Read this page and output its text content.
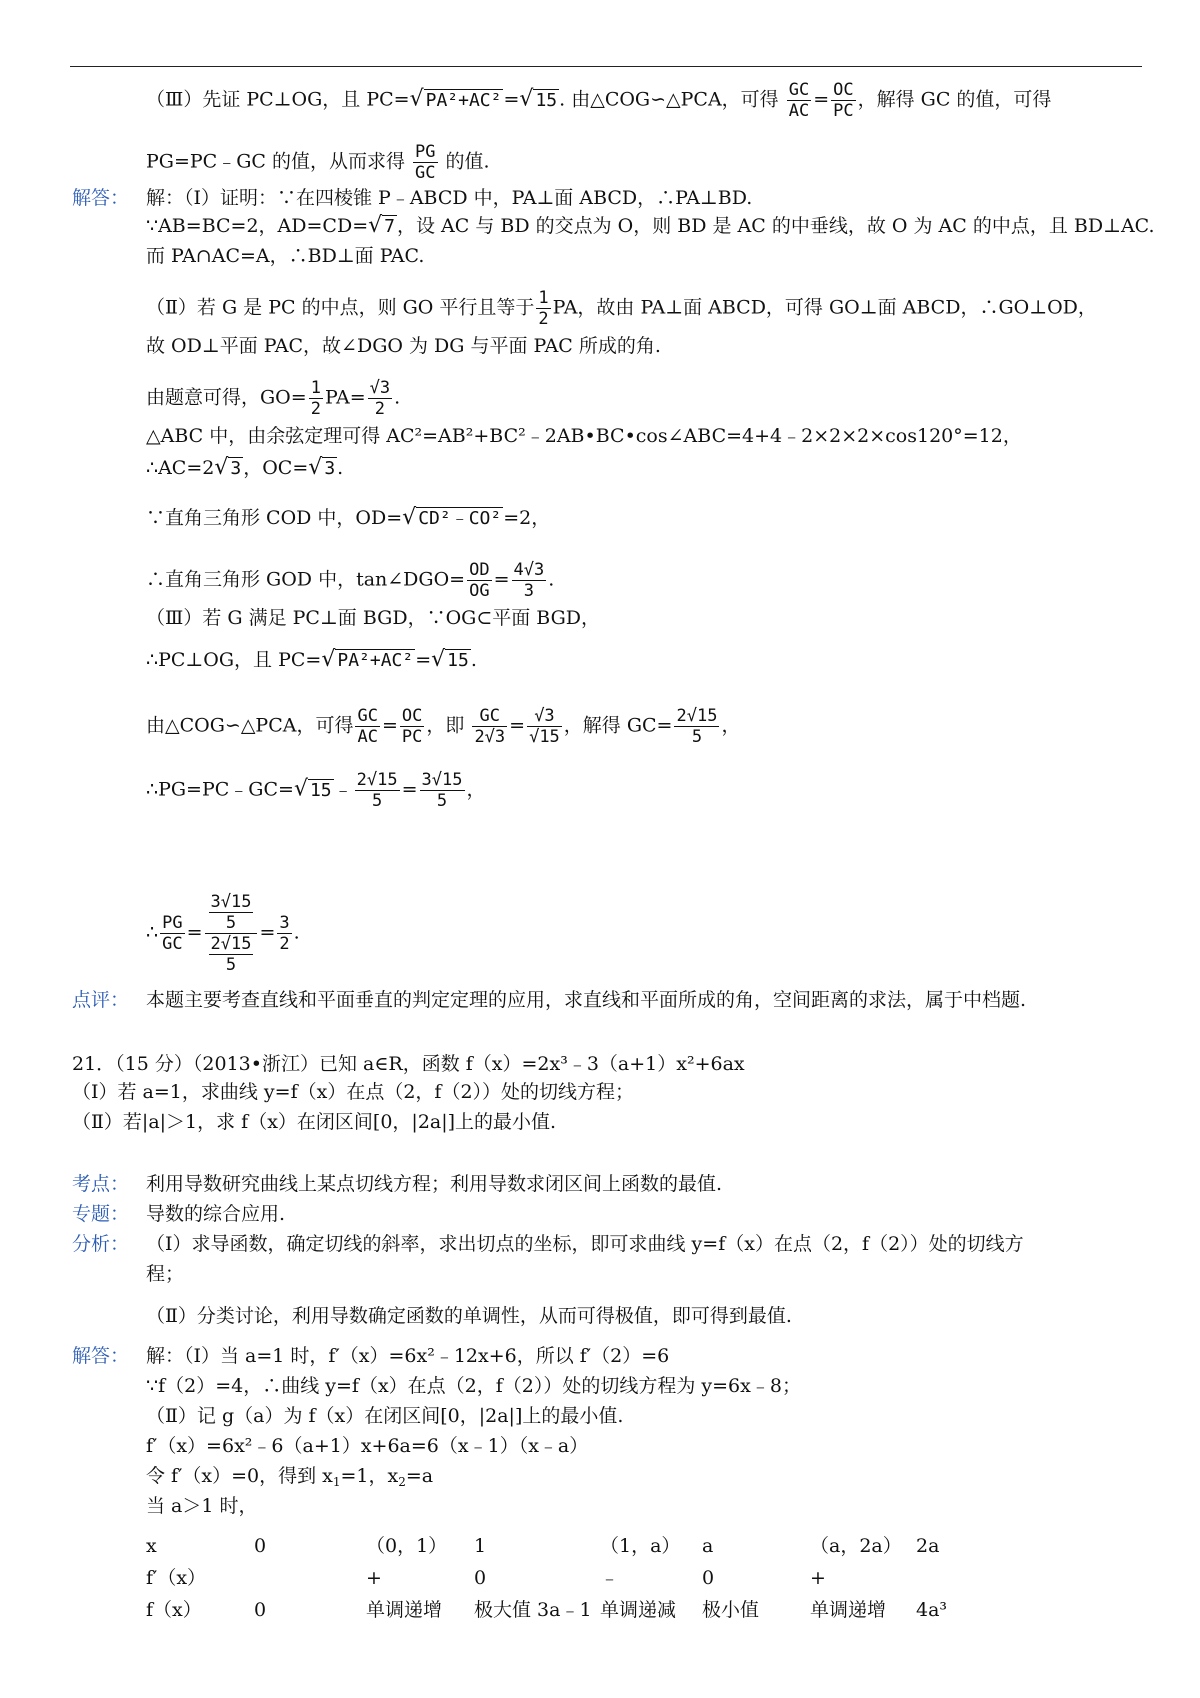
（Ⅲ）先证 PC⊥OG，且 PC=√ PA²+AC² =√ 15 . 由△COG∽△PCA，可得 $\frac{GC}{AC} = \frac{OC}{PC}$ ，解得 GC 的值，可得
PG=PC﹣GC 的值，从而求得 $\frac{PG}{GC}$ 的值.
解答： 解：（Ⅰ）证明：∵在四棱锥 P﹣ABCD 中，PA⊥面 ABCD，∴PA⊥BD.
∵AB=BC=2，AD=CD=√ 7 ，设 AC 与 BD 的交点为 O，则 BD 是 AC 的中垂线，故 O 为 AC 的中点，且 BD⊥AC.
而 PA∩AC=A，∴BD⊥面 PAC.
（Ⅱ）若 G 是 PC 的中点，则 GO 平行且等于 $\frac{1}{2}$ PA，故由 PA⊥面 ABCD，可得 GO⊥面 ABCD，∴GO⊥OD，
故 OD⊥平面 PAC，故∠DGO 为 DG 与平面 PAC 所成的角.
由题意可得，$GO= \frac{1}{2} PA= \frac{√3}{2}$ .
△ABC 中，由余弦定理可得 AC²=AB²+BC²﹣2AB•BC•cos∠ABC=4+4﹣2×2×2×cos120°=12，
∴AC=2√ 3 ，OC=√ 3 .
∵直角三角形 COD 中，OD=√ CD²﹣CO² =2，
∴直角三角形 GOD 中，tan∠DGO= $\frac{OD}{OG} = \frac{4√3}{3}$ .
（Ⅲ）若 G 满足 PC⊥面 BGD，∵OG⊂平面 BGD，
∴PC⊥OG，且 PC=√ PA²+AC² =√ 15 .
由△COG∽△PCA，可得 $\frac{GC}{AC} = \frac{OC}{PC}$ ，即 $\frac{GC}{2√3} = \frac{√3}{√15}$ ，解得 $GC= \frac{2√15}{5}$ ，
∴PG=PC﹣GC=√ 15 ﹣ $\frac{2√15}{5} = \frac{3√15}{5}$ ，
∴ $\frac{PG}{GC} = \frac{\frac{3√15}{5}}{\frac{2√15}{5}} = \frac{3}{2}$ .
点评： 本题主要考查直线和平面垂直的判定定理的应用，求直线和平面所成的角，空间距离的求法，属于中档题.
21．（15 分）（2013•浙江）已知 a∈R，函数 f（x）=2x³﹣3（a+1）x²+6ax
（Ⅰ）若 a=1，求曲线 y=f（x）在点（2，f（2））处的切线方程；
（Ⅱ）若|a|＞1，求 f（x）在闭区间[0，|2a|]上的最小值.
考点： 利用导数研究曲线上某点切线方程；利用导数求闭区间上函数的最值.
专题： 导数的综合应用.
分析： （Ⅰ）求导函数，确定切线的斜率，求出切点的坐标，即可求曲线 y=f（x）在点（2，f（2））处的切线方
程；
（Ⅱ）分类讨论，利用导数确定函数的单调性，从而可得极值，即可得到最值.
解答： 解：（Ⅰ）当 a=1 时，f′（x）=6x²﹣12x+6，所以 f′（2）=6
∵f（2）=4，∴曲线 y=f（x）在点（2，f（2））处的切线方程为 y=6x﹣8；
（Ⅱ）记 g（a）为 f（x）在闭区间[0，|2a|]上的最小值.
f′（x）=6x²﹣6（a+1）x+6a=6（x﹣1）（x﹣a）
令 f′（x）=0，得到 $x_1=1$，$x_2=a$
当 a＞1 时，
x	0	（0，1） 1	（1，a） a	（a，2a） 2a
f′（x）	+	0	﹣	0	+
f（x）	0	单调递增 极大值 3a﹣1 单调递减 极小值	单调递增 4a³
